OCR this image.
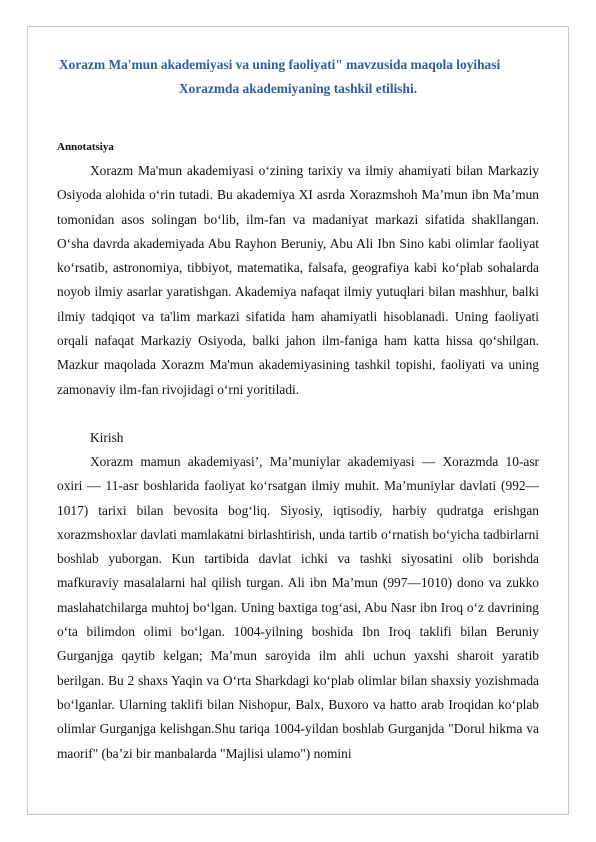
Xorazm Ma'mun akademiyasi va uning faoliyati" mavzusida maqola loyihasi
Xorazmda akademiyaning tashkil etilishi.
Annotatsiya

Xorazm Ma'mun akademiyasi o‘zining tarixiy va ilmiy ahamiyati bilan Markaziy Osiyoda alohida o‘rin tutadi. Bu akademiya XI asrda Xorazmshoh Ma’mun ibn Ma’mun tomonidan asos solingan bo‘lib, ilm-fan va madaniyat markazi sifatida shakllangan. O‘sha davrda akademiyada Abu Rayhon Beruniy, Abu Ali Ibn Sino kabi olimlar faoliyat ko‘rsatib, astronomiya, tibbiyot, matematika, falsafa, geografiya kabi ko‘plab sohalarda noyob ilmiy asarlar yaratishgan. Akademiya nafaqat ilmiy yutuqlari bilan mashhur, balki ilmiy tadqiqot va ta'lim markazi sifatida ham ahamiyatli hisoblanadi. Uning faoliyati orqali nafaqat Markaziy Osiyoda, balki jahon ilm-faniga ham katta hissa qo‘shilgan. Mazkur maqolada Xorazm Ma'mun akademiyasining tashkil topishi, faoliyati va uning zamonaviy ilm-fan rivojidagi o‘rni yoritiladi.

Kirish

Xorazm mamun akademiyasi’, Ma’muniylar akademiyasi — Xorazmda 10-asr oxiri — 11-asr boshlarida faoliyat ko‘rsatgan ilmiy muhit. Ma’muniylar davlati (992—1017) tarixi bilan bevosita bog‘liq. Siyosiy, iqtisodiy, harbiy qudratga erishgan xorazmshoxlar davlati mamlakatni birlashtirish, unda tartib o‘rnatish bo‘yicha tadbirlarni boshlab yuborgan. Kun tartibida davlat ichki va tashki siyosatini olib borishda mafkuraviy masalalarni hal qilish turgan. Ali ibn Ma’mun (997—1010) dono va zukko maslahatchilarga muhtoj bo‘lgan. Uning baxtiga tog‘asi, Abu Nasr ibn Iroq o‘z davrining o‘ta bilimdon olimi bo‘lgan. 1004-yilning boshida Ibn Iroq taklifi bilan Beruniy Gurganjga qaytib kelgan; Ma’mun saroyida ilm ahli uchun yaxshi sharoit yaratib berilgan. Bu 2 shaxs Yaqin va O‘rta Sharkdagi ko‘plab olimlar bilan shaxsiy yozishmada bo‘lganlar. Ularning taklifi bilan Nishopur, Balx, Buxoro va hatto arab Iroqidan ko‘plab olimlar Gurganjga kelishgan.Shu tariqa 1004-yildan boshlab Gurganjda "Dorul hikma va maorif" (ba’zi bir manbalarda "Majlisi ulamo") nomini
